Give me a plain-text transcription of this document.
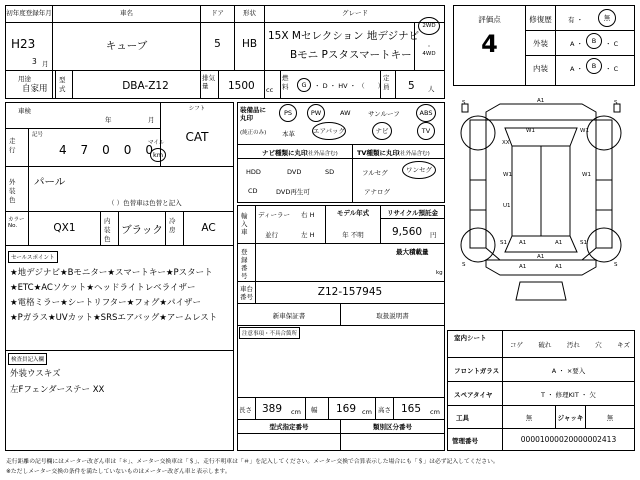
初年度登録年月	車名	ドア	形状	グレード
H23
3 月
キューブ	5	HB
15X Mセレクション 地デジナビ
Bモニ Pスタスマートキー
2WD
・
4WD
用途
自家用
型式	DBA-Z12
排気量	1500 cc
燃料	G	・ D ・ HV ・ （　　）
定員	5 人
評価点
4
修復歴	有 ・	無
外装	A ・	B	・ C
内装	A ・	B	・ C
車検
年	月
シフト
CAT
走行
記号
4 7 0 0 0
マイル
km
外装色
パール
（ ）色替車は色替と記入
カラーNo.	QX1
内装色
ブラック
冷房	AC
セールスポイント
★地デジナビ★Bモニター★スマートキー★Pスタート
★ETC★ACソケット★ヘッドライトレベライザー
★電格ミラー★シートリフター★フォグ★パイザー
★Pガラス★UVカット★SRSエアバッグ★アームレスト
検査員記入欄
外装ウスキズ
左Fフェンダーステー XX
装備品に丸印
(純正のみ)
PS	PW	AW	サンルーフ	ABS
本革	エアバッグ	ナビ	TV
ナビ種類に丸印
(社外品含む)
HDD	DVD	SD
CD	DVD再生可
TV種類に丸印 (社外品含む)
フルセグ	ワンセグ
アナログ
輸入車
ディーラー
並行
右 H
左 H
モデル年式
年 不明
リサイクル預託金
9,560 円
登録番号
最大積載量
kg
車台番号	Z12-157945
新車保証書	取扱説明書
注意事項・不具合箇所
長さ 389 cm 幅 169 cm 高さ 165 cm
型式指定番号	類別区分番号
S	S
S	S
A1
W1	W1
XX
W1
U1
W1
S1 A1	A1
A1
S1
A1	A1
室内シート
コゲ 破れ 汚れ 穴 キズ
フロントガラス	A ・ ×要入
スペアタイヤ	T ・ 修理KIT ・ 欠
工具	無	ジャッキ	無
管理番号	00001000020000002413
走行距離の記号欄にはメーター改ざん車は「＊」、メーター交換車は「＄」、走行不明車は「＃」を記入してください。メーター交換で合算表示した場合にも「＄」は必ず記入してください。
※ただしメーター交換の条件を満たしていないものはメーター改ざん車と表示します。
